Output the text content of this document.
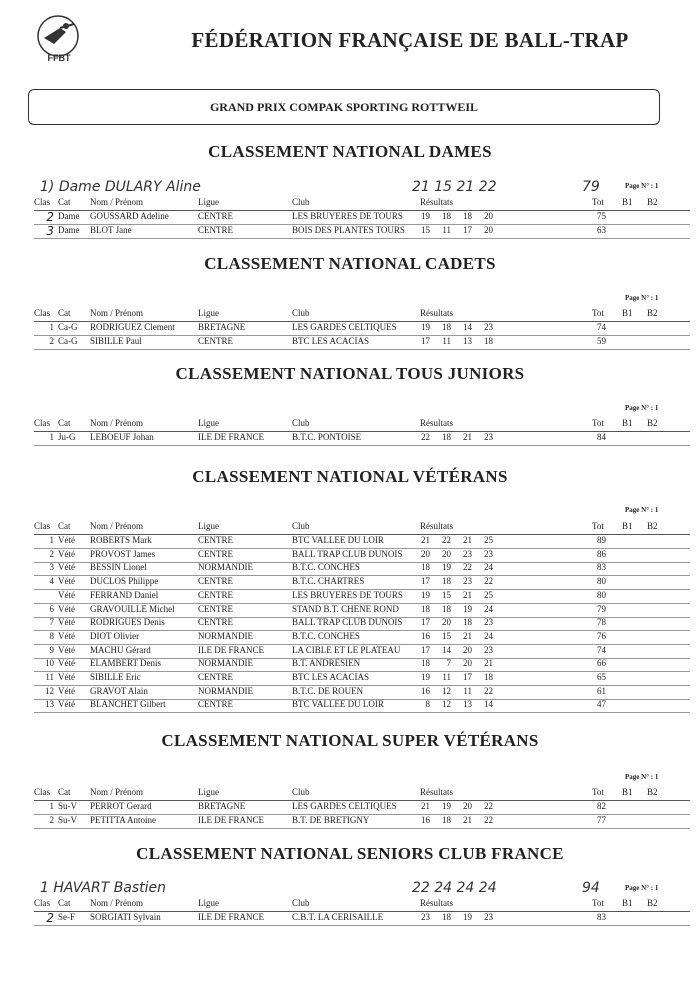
FFBT
FÉDÉRATION FRANÇAISE DE BALL-TRAP
GRAND PRIX COMPAK SPORTING ROTTWEIL
CLASSEMENT NATIONAL DAMES
Page N° : 1
Clas Cat Nom / Prénom	Ligue	Club	Résultats	Tot B1 B2
1) Dame DULARY Aline	21 15 21 22	79
2 Dame GOUSSARD Adeline	CENTRE	LES BRUYERES DE TOURS	19	18	18	20	75
3 Dame BLOT Jane	CENTRE	BOIS DES PLANTES TOURS	15	11	17	20	63
CLASSEMENT NATIONAL CADETS
Page N° : 1
Clas Cat Nom / Prénom	Ligue	Club	Résultats	Tot B1 B2
1 Ca-G RODRIGUEZ Clement	BRETAGNE	LES GARDES CELTIQUES	19	18	14	23	74
2 Ca-G SIBILLE Paul	CENTRE	BTC LES ACACIAS	17	11	13	18	59
CLASSEMENT NATIONAL TOUS JUNIORS
Page N° : 1
Clas Cat Nom / Prénom	Ligue	Club	Résultats	Tot B1 B2
1 Ju-G LEBOEUF Johan	ILE DE FRANCE	B.T.C. PONTOISE	22	18	21	23	84
CLASSEMENT NATIONAL VÉTÉRANS
Page N° : 1
Clas Cat Nom / Prénom	Ligue	Club	Résultats	Tot B1 B2
1 Vété ROBERTS Mark	CENTRE	BTC VALLEE DU LOIR	21	22	21	25	89
2 Vété PROVOST James	CENTRE	BALL TRAP CLUB DUNOIS	20	20	23	23	86
3 Vété BESSIN Lionel	NORMANDIE	B.T.C. CONCHES	18	19	22	24	83
4 Vété DUCLOS Philippe	CENTRE	B.T.C. CHARTRES	17	18	23	22	80
Vété FERRAND Daniel	CENTRE	LES BRUYERES DE TOURS	19	15	21	25	80
6 Vété GRAVOUILLE Michel	CENTRE	STAND B.T. CHENE ROND	18	18	19	24	79
7 Vété RODRIGUES Denis	CENTRE	BALL TRAP CLUB DUNOIS	17	20	18	23	78
8 Vété DIOT Olivier	NORMANDIE	B.T.C. CONCHES	16	15	21	24	76
9 Vété MACHU Gérard	ILE DE FRANCE	LA CIBLE ET LE PLATEAU	17	14	20	23	74
10 Vété ELAMBERT Denis	NORMANDIE	B.T. ANDRESIEN	18	7	20	21	66
11 Vété SIBILLE Eric	CENTRE	BTC LES ACACIAS	19	11	17	18	65
12 Vété GRAVOT Alain	NORMANDIE	B.T.C. DE ROUEN	16	12	11	22	61
13 Vété BLANCHET Gilbert	CENTRE	BTC VALLEE DU LOIR	8	12	13	14	47
CLASSEMENT NATIONAL SUPER VÉTÉRANS
Page N° : 1
Clas Cat Nom / Prénom	Ligue	Club	Résultats	Tot B1 B2
1 Su-V PERROT Gerard	BRETAGNE	LES GARDES CELTIQUES	21	19	20	22	82
2 Su-V PETITTA Antoine	ILE DE FRANCE	B.T. DE BRETIGNY	16	18	21	22	77
CLASSEMENT NATIONAL SENIORS CLUB FRANCE
Page N° : 1
Clas Cat Nom / Prénom	Ligue	Club	Résultats	Tot B1 B2
1 HAVART Bastien	22 24 24 24	94
2 Se-F SORGIATI Sylvain	ILE DE FRANCE	C.B.T. LA CERISAILLE	23	18	19	23	83
